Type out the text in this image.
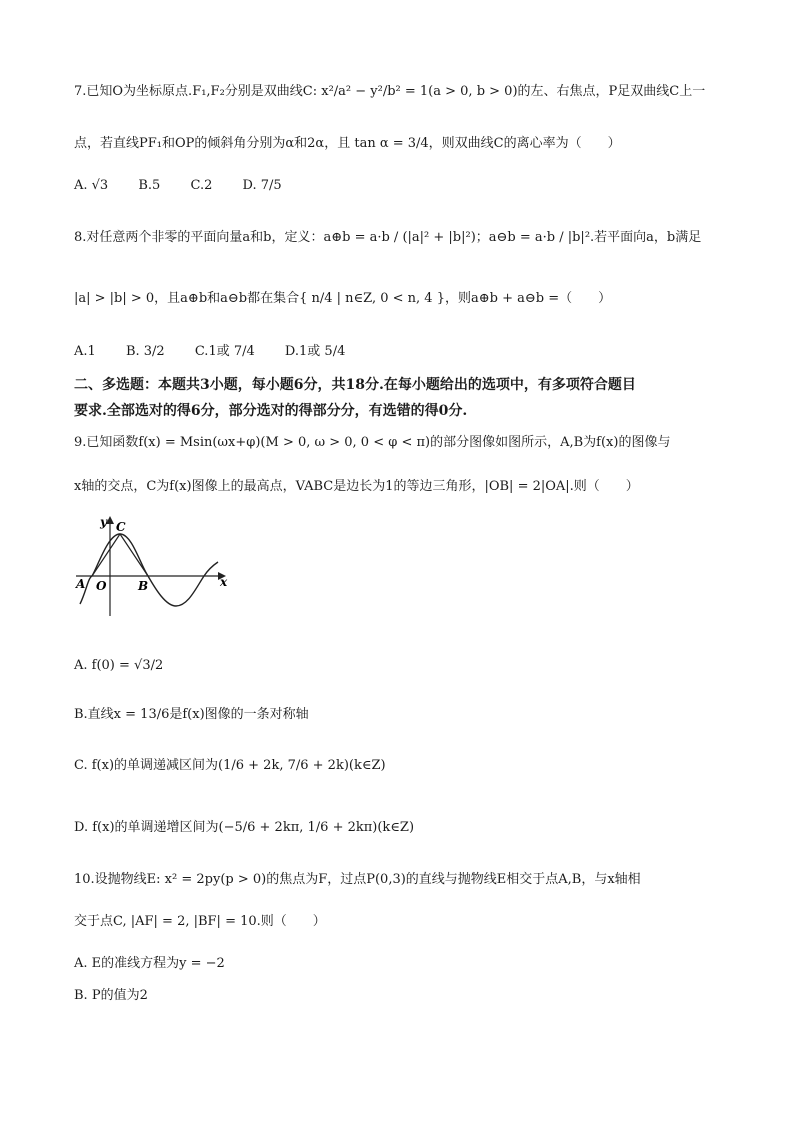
7.已知O为坐标原点.F₁,F₂分别是双曲线C: x²/a² − y²/b² = 1(a > 0, b > 0)的左、右焦点，P足双曲线C上一
点，若直线PF₁和OP的倾斜角分别为α和2α，且 tan α = 3/4，则双曲线C的离心率为（　　）
A. √3 B.5 C.2 D. 7/5
8.对任意两个非零的平面向量a和b，定义：a⊕b = a·b / (|a|² + |b|²)；a⊖b = a·b / |b|².若平面向a，b满足
|a| > |b| > 0，且a⊕b和a⊖b都在集合{ n/4 | n∈Z, 0 < n, 4 }，则a⊕b + a⊖b =（　　）
A.1 B. 3/2 C.1或 7/4 D.1或 5/4
二、多选题：本题共3小题，每小题6分，共18分.在每小题给出的选项中，有多项符合题目
要求.全部选对的得6分，部分选对的得部分分，有选错的得0分.
9.已知函数f(x) = Msin(ωx+φ)(M > 0, ω > 0, 0 < φ < π)的部分图像如图所示，A,B为f(x)的图像与
x轴的交点，C为f(x)图像上的最高点，VABC是边长为1的等边三角形，|OB| = 2|OA|.则（　　）
y
x
C
A O	B
A. f(0) = √3/2
B.直线x = 13/6是f(x)图像的一条对称轴
C. f(x)的单调递减区间为(1/6 + 2k, 7/6 + 2k)(k∈Z)
D. f(x)的单调递增区间为(−5/6 + 2kπ, 1/6 + 2kπ)(k∈Z)
10.设抛物线E: x² = 2py(p > 0)的焦点为F，过点P(0,3)的直线与抛物线E相交于点A,B，与x轴相
交于点C, |AF| = 2, |BF| = 10.则（　　）
A. E的准线方程为y = −2
B. P的值为2
